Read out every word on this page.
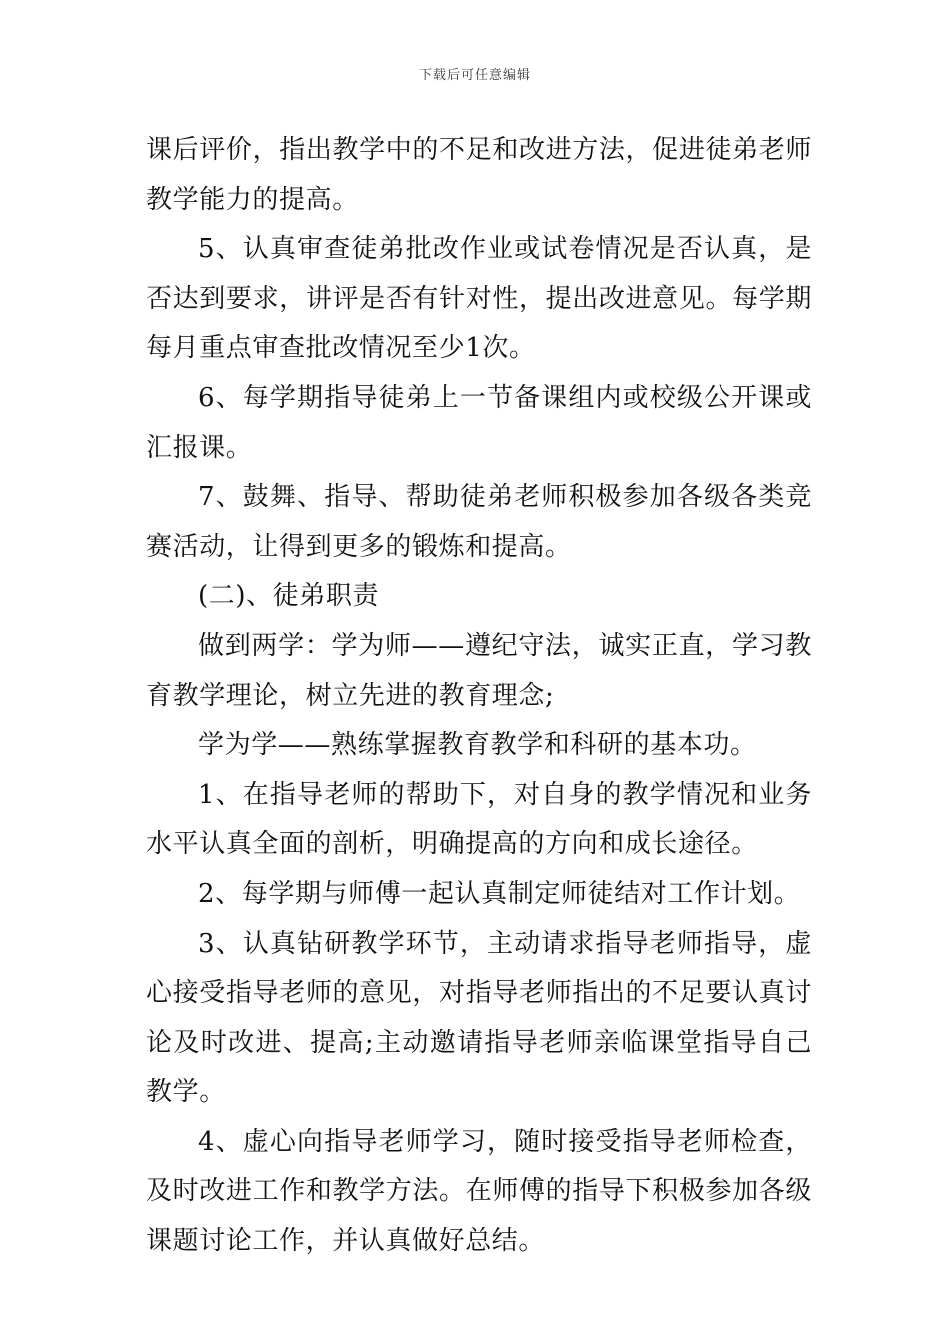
下载后可任意编辑

课后评价，指出教学中的不足和改进方法，促进徒弟老师教学能力的提高。

5、认真审查徒弟批改作业或试卷情况是否认真，是否达到要求，讲评是否有针对性，提出改进意见。每学期每月重点审查批改情况至少1次。

6、每学期指导徒弟上一节备课组内或校级公开课或汇报课。

7、鼓舞、指导、帮助徒弟老师积极参加各级各类竞赛活动，让得到更多的锻炼和提高。

(二)、徒弟职责

做到两学：学为师——遵纪守法，诚实正直，学习教育教学理论，树立先进的教育理念;

学为学——熟练掌握教育教学和科研的基本功。

1、在指导老师的帮助下，对自身的教学情况和业务水平认真全面的剖析，明确提高的方向和成长途径。

2、每学期与师傅一起认真制定师徒结对工作计划。

3、认真钻研教学环节，主动请求指导老师指导，虚心接受指导老师的意见，对指导老师指出的不足要认真讨论及时改进、提高;主动邀请指导老师亲临课堂指导自己教学。

4、虚心向指导老师学习，随时接受指导老师检查，及时改进工作和教学方法。在师傅的指导下积极参加各级课题讨论工作，并认真做好总结。
